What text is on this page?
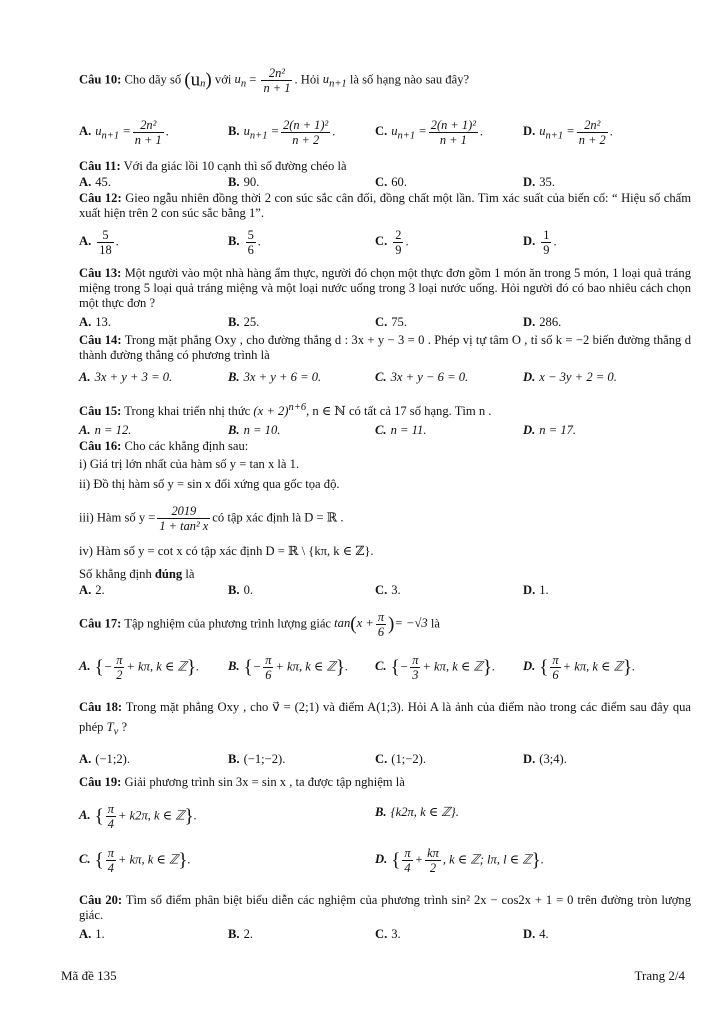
Câu 10: Cho dãy số $(u_n)$ với $u_n = \frac{\text{2n²}}{n + 1}$ . Hỏi $u_{n+1}$ là số hạng nào sau đây?
A. $u_{n+1} = \frac{\text{2n²}}{n + 1}$ .	B. $u_{n+1} = \frac{\text{2(n + 1)²}}{n + 2}$ .	C. $u_{n+1} = \frac{\text{2(n + 1)²}}{n + 1}$ .	D. $u_{n+1} = \frac{\text{2n²}}{n + 2}$ .
Câu 11: Với đa giác lồi 10 cạnh thì số đường chéo là
A. 45.	B. 90.	C. 60.	D. 35.
Câu 12: Gieo ngẫu nhiên đồng thời 2 con súc sắc cân đối, đồng chất một lần. Tìm xác suất của biến cố: “ Hiệu số chấm xuất hiện trên 2 con súc sắc bằng 1”.
A. $\frac{5}{18}$ .	B. $\frac{5}{6}$ .	C. $\frac{2}{9}$ .	D. $\frac{1}{9}$ .
Câu 13: Một người vào một nhà hàng ẩm thực, người đó chọn một thực đơn gồm 1 món ăn trong 5 món, 1 loại quả tráng miệng trong 5 loại quả tráng miệng và một loại nước uống trong 3 loại nước uống. Hỏi người đó có bao nhiêu cách chọn một thực đơn ?
A. 13.	B. 25.	C. 75.	D. 286.
Câu 14: Trong mặt phẳng Oxy , cho đường thẳng d : 3x + y − 3 = 0 . Phép vị tự tâm O , tỉ số k = −2 biến đường thẳng d thành đường thẳng có phương trình là
A. 3x + y + 3 = 0.	B. 3x + y + 6 = 0.	C. 3x + y − 6 = 0.	D. x − 3y + 2 = 0.
Câu 15: Trong khai triển nhị thức $(x + 2)^{n+6}$, n ∈ ℕ có tất cả 17 số hạng. Tìm n .
A. n = 12.	B. n = 10.	C. n = 11.	D. n = 17.
Câu 16: Cho các khẳng định sau:
i) Giá trị lớn nhất của hàm số y = tan x là 1.
ii) Đồ thị hàm số y = sin x đối xứng qua gốc tọa độ.
iii) Hàm số $y = \frac{2019}{\text{1 + tan² x}}$ có tập xác định là D = ℝ .
iv) Hàm số y = cot x có tập xác định D = ℝ \ {kπ, k ∈ ℤ}.
Số khẳng định đúng là
A. 2.	B. 0.	C. 3.	D. 1.
Câu 17: Tập nghiệm của phương trình lượng giác $\tan(x + \frac{\pi}{6}$ )= −√3 là
A. {− $\frac{\pi}{2} + k\pi$, k ∈ ℤ}. B. {− $\frac{\pi}{6} + k\pi$, k ∈ ℤ}. C. {− $\frac{\pi}{3} + k\pi$, k ∈ ℤ}. D. { $\frac{\pi}{6} + k\pi$, k ∈ ℤ}.
Câu 18: Trong mặt phẳng Oxy , cho v⃗ = (2;1) và điểm A(1;3). Hỏi A là ảnh của điểm nào trong các điểm sau đây qua phép $T_v$ ?
A. (−1;2).	B. (−1;−2).	C. (1;−2).	D. (3;4).
Câu 19: Giải phương trình sin 3x = sin x , ta được tập nghiệm là
A. { $\frac{\pi}{4} + k2\pi$, k ∈ ℤ}.	B. {k2π, k ∈ ℤ}.
C. { $\frac{\pi}{4} + k\pi$, k ∈ ℤ}.	D. { $\frac{\pi}{4} + \frac{k\pi}{2}$ , k ∈ ℤ; lπ, l ∈ ℤ}.
Câu 20: Tìm số điểm phân biệt biểu diễn các nghiệm của phương trình sin² 2x − cos2x + 1 = 0 trên đường tròn lượng giác.
A. 1.	B. 2.	C. 3.	D. 4.
Mã đề 135	Trang 2/4
